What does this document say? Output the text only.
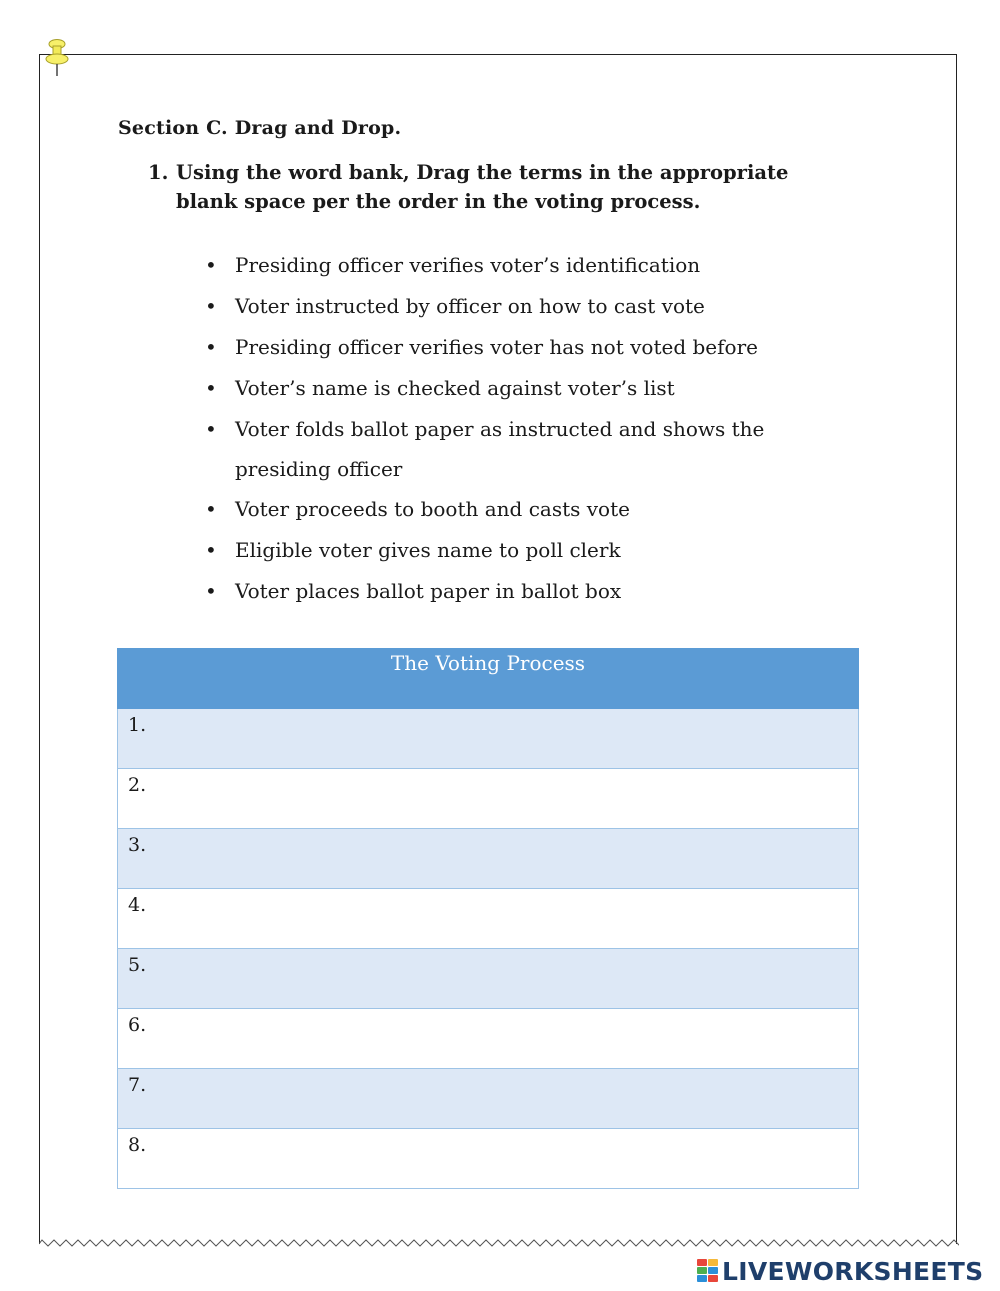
Section C. Drag and Drop.
1. Using the word bank, Drag the terms in the appropriate
blank space per the order in the voting process.
• Presiding officer verifies voter’s identification
• Voter instructed by officer on how to cast vote
• Presiding officer verifies voter has not voted before
• Voter’s name is checked against voter’s list
• Voter folds ballot paper as instructed and shows the
presiding officer
• Voter proceeds to booth and casts vote
• Eligible voter gives name to poll clerk
• Voter places ballot paper in ballot box
The Voting Process
1.
2.
3.
4.
5.
6.
7.
8.
LIVEWORKSHEETS
